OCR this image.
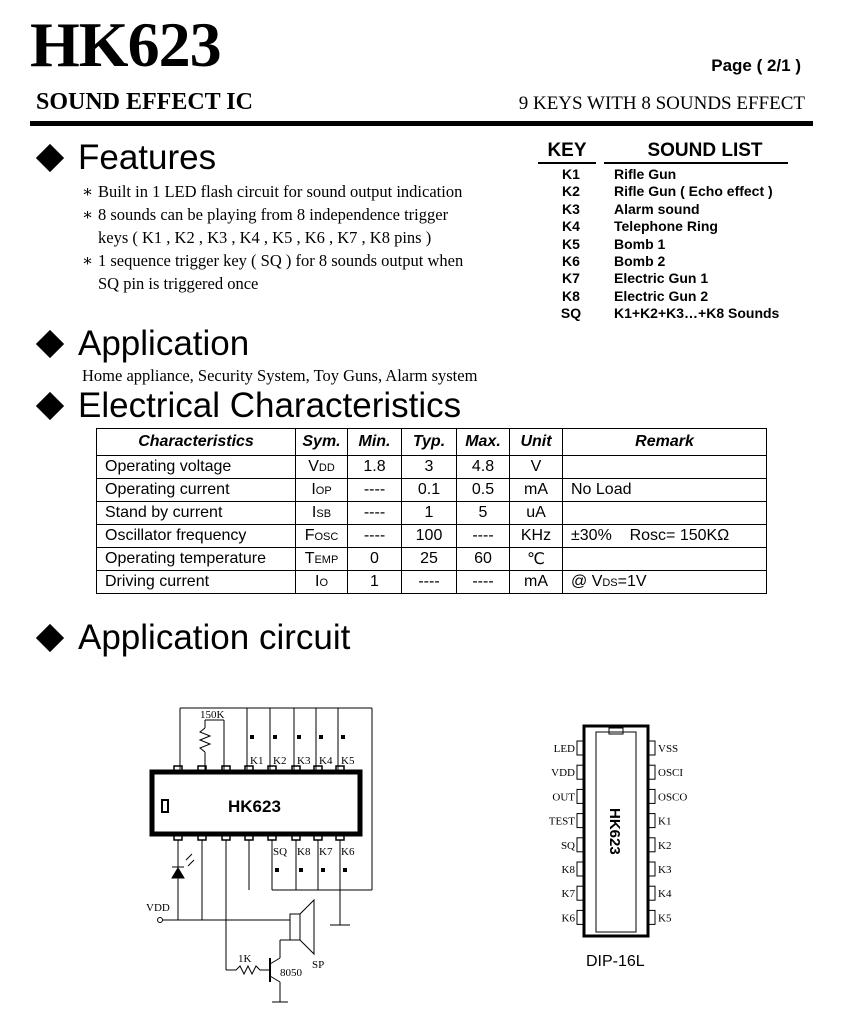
HK623	Page ( 2/1 )
SOUND EFFECT IC	9 KEYS WITH 8 SOUNDS EFFECT
Features
∗ Built in 1 LED flash circuit for sound output indication
∗ 8 sounds can be playing from 8 independence trigger
keys ( K1 , K2 , K3 , K4 , K5 , K6 , K7 , K8 pins )
∗ 1 sequence trigger key ( SQ ) for 8 sounds output when
SQ pin is triggered once
KEY	SOUND LIST
K1	Rifle Gun
K2	Rifle Gun ( Echo effect )
K3	Alarm sound
K4	Telephone Ring
K5	Bomb 1
K6	Bomb 2
K7	Electric Gun 1
K8	Electric Gun 2
SQ	K1+K2+K3…+K8 Sounds
Application
Home appliance, Security System, Toy Guns, Alarm system
Electrical Characteristics
Characteristics	Sym.	Min.	Typ.	Max.	Unit	Remark
Operating voltage	VDD	1.8	3	4.8	V	
Operating current	IOP	----	0.1	0.5	mA	No Load
Stand by current	ISB	----	1	5	uA	
Oscillator frequency	FOSC	----	100	----	KHz	±30%    Rosc= 150KΩ
Operating temperature	TEMP	0	25	60	℃	
Driving current	IO	1	----	----	mA	@ VDS=1V
Application circuit
150K
K1 K2 K3 K4 K5
SQ K8 K7 K6
HK623
VDD
1K
8050
SP
HK623
LED
VDD
OUT
TEST
SQ
K8
K7
K6
VSS
OSCI
OSCO
K1
K2
K3
K4
K5
DIP-16L
